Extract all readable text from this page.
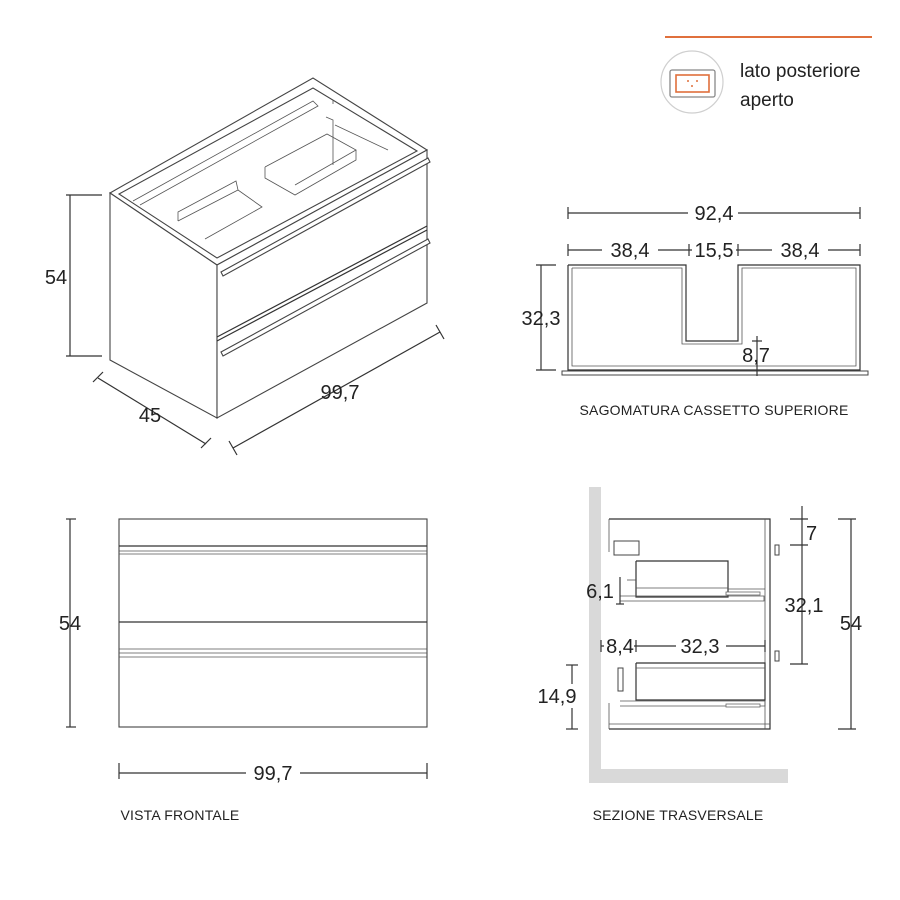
lato posteriore
aperto
54
45
99,7
92,4
38,4 15,5 38,4
32,3
8,7
SAGOMATURA CASSETTO SUPERIORE
54
99,7
VISTA FRONTALE
7
32,1
54
6,1
8,4 32,3
14,9
SEZIONE TRASVERSALE
